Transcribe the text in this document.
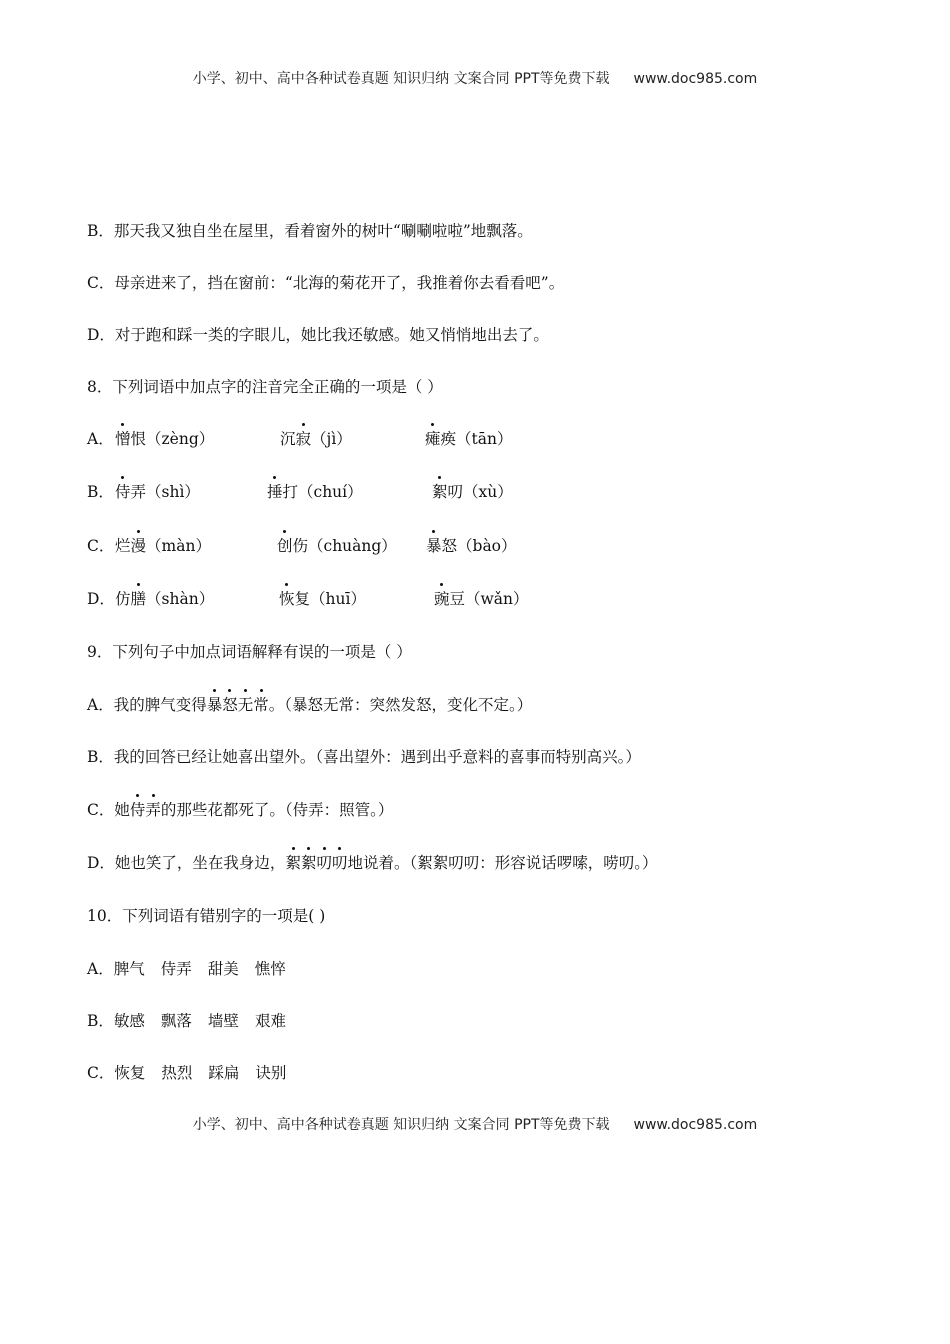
小学、初中、高中各种试卷真题 知识归纳 文案合同 PPT等免费下载 www.doc985.com
B．那天我又独自坐在屋里，看着窗外的树叶“唰唰啦啦”地飘落。
C．母亲进来了，挡在窗前：“北海的菊花开了，我推着你去看看吧”。
D．对于跑和踩一类的字眼儿，她比我还敏感。她又悄悄地出去了。
8．下列词语中加点字的注音完全正确的一项是（ ）
A． 憎恨（zèng）	沉寂（jì）	瘫痪（tān）
B． 侍弄（shì）	捶打（chuí）	絮叨（xù）
C． 烂漫（màn）	创伤（chuàng） 暴怒（bào）
D． 仿膳（shàn）	恢复（huī）	豌豆（wǎn）
9．下列句子中加点词语解释有误的一项是（ ）
A．我的脾气变得暴怒无常。（暴怒无常：突然发怒，变化不定。）
B．我的回答已经让她喜出望外。（喜出望外：遇到出乎意料的喜事而特别高兴。）
C．她侍弄的那些花都死了。（侍弄：照管。）
D．她也笑了，坐在我身边，絮絮叨叨地说着。（絮絮叨叨：形容说话啰嗦，唠叨。）
10．下列词语有错别字的一项是( )
A．脾气 侍弄 甜美 憔悴
B．敏感 飘落 墙壁 艰难
C．恢复 热烈 踩扁 诀别
小学、初中、高中各种试卷真题 知识归纳 文案合同 PPT等免费下载 www.doc985.com
